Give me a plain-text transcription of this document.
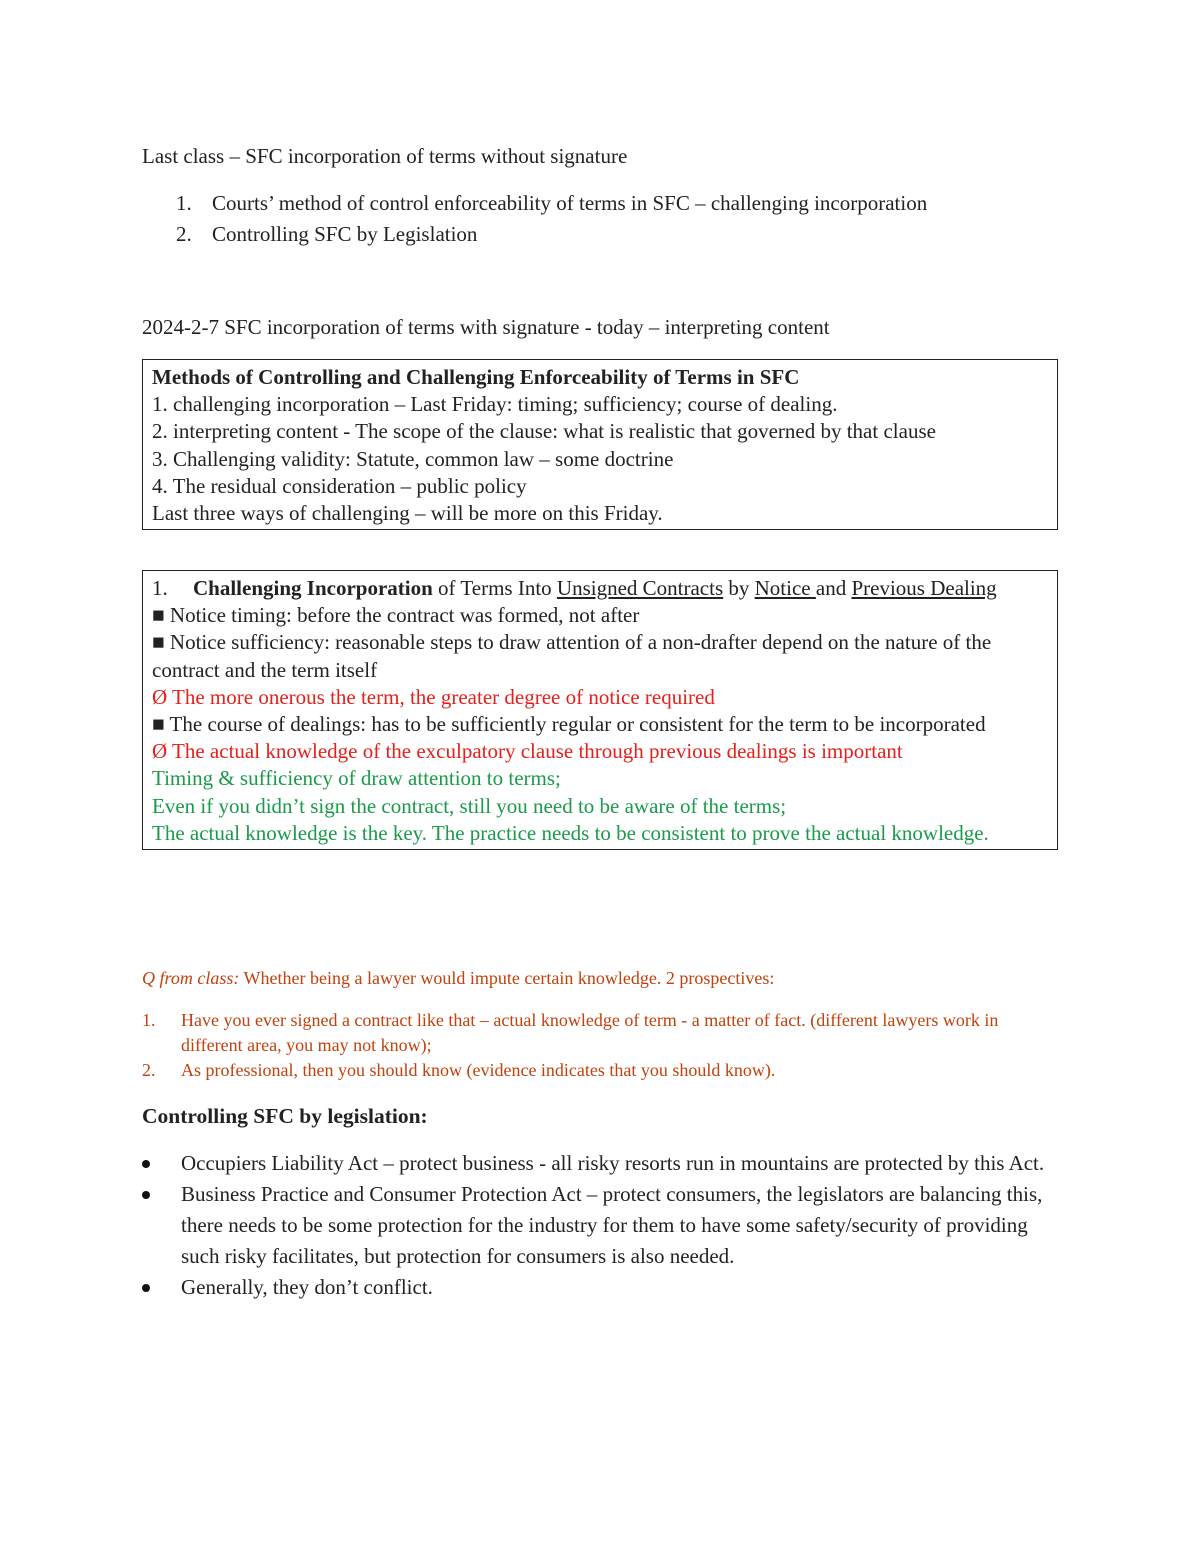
Last class – SFC incorporation of terms without signature
1. Courts’ method of control enforceability of terms in SFC – challenging incorporation
2. Controlling SFC by Legislation
2024-2-7 SFC incorporation of terms with signature - today – interpreting content
Methods of Controlling and Challenging Enforceability of Terms in SFC
1. challenging incorporation – Last Friday: timing; sufficiency; course of dealing.
2. interpreting content - The scope of the clause: what is realistic that governed by that clause
3. Challenging validity: Statute, common law – some doctrine
4. The residual consideration – public policy
Last three ways of challenging – will be more on this Friday.
1. Challenging Incorporation of Terms Into Unsigned Contracts by Notice and Previous Dealing
■ Notice timing: before the contract was formed, not after
■ Notice sufficiency: reasonable steps to draw attention of a non-drafter depend on the nature of the contract and the term itself
Ø The more onerous the term, the greater degree of notice required
■ The course of dealings: has to be sufficiently regular or consistent for the term to be incorporated
Ø The actual knowledge of the exculpatory clause through previous dealings is important
Timing & sufficiency of draw attention to terms;
Even if you didn’t sign the contract, still you need to be aware of the terms;
The actual knowledge is the key. The practice needs to be consistent to prove the actual knowledge.
Q from class: Whether being a lawyer would impute certain knowledge. 2 prospectives:
1. Have you ever signed a contract like that – actual knowledge of term - a matter of fact. (different lawyers work in different area, you may not know);
2. As professional, then you should know (evidence indicates that you should know).
Controlling SFC by legislation:
Occupiers Liability Act – protect business - all risky resorts run in mountains are protected by this Act.
Business Practice and Consumer Protection Act – protect consumers, the legislators are balancing this, there needs to be some protection for the industry for them to have some safety/security of providing such risky facilitates, but protection for consumers is also needed.
Generally, they don’t conflict.
